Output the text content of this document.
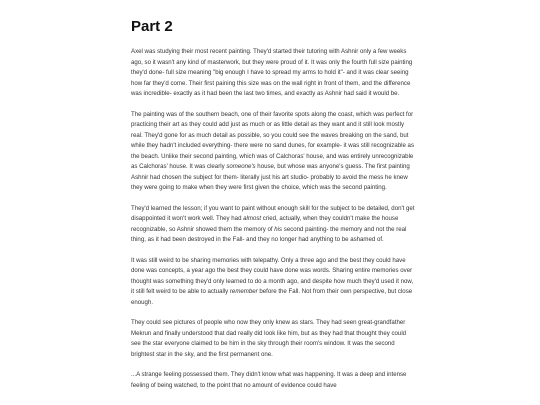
Part 2

Axel was studying their most recent painting. They'd started their tutoring with Ashnir only a few weeks ago, so it wasn't any kind of masterwork, but they were proud of it. It was only the fourth full size painting they'd done- full size meaning "big enough I have to spread my arms to hold it"- and it was clear seeing how far they'd come. Their first paining this size was on the wall right in front of them, and the difference was incredible- exactly as it had been the last two times, and exactly as Ashnir had said it would be.

The painting was of the southern beach, one of their favorite spots along the coast, which was perfect for practicing their art as they could add just as much or as little detail as they want and it still look mostly real. They'd gone for as much detail as possible, so you could see the waves breaking on the sand, but while they hadn't included everything- there were no sand dunes, for example- it was still recognizable as the beach. Unlike their second painting, which was of Calchoras' house, and was entirely unrecognizable as Calchoras' house. It was clearly someone's house, but whose was anyone's guess. The first painting Ashnir had chosen the subject for them- literally just his art studio- probably to avoid the mess he knew they were going to make when they were first given the choice, which was the second painting.

They'd learned the lesson; if you want to paint without enough skill for the subject to be detailed, don't get disappointed it won't work well. They had almost cried, actually, when they couldn't make the house recognizable, so Ashnir showed them the memory of his second painting- the memory and not the real thing, as it had been destroyed in the Fall- and they no longer had anything to be ashamed of.

It was still weird to be sharing memories with telepathy. Only a three ago and the best they could have done was concepts, a year ago the best they could have done was words. Sharing entire memories over thought was something they'd only learned to do a month ago, and despite how much they'd used it now, it still felt weird to be able to actually remember before the Fall. Not from their own perspective, but close enough.

They could see pictures of people who now they only knew as stars. They had seen great-grandfather Mekrun and finally understood that dad really did look like him, but as they had that thought they could see the star everyone claimed to be him in the sky through their room's window. It was the second brightest star in the sky, and the first permanent one.

...A strange feeling possessed them. They didn't know what was happening. It was a deep and intense feeling of being watched, to the point that no amount of evidence could have
